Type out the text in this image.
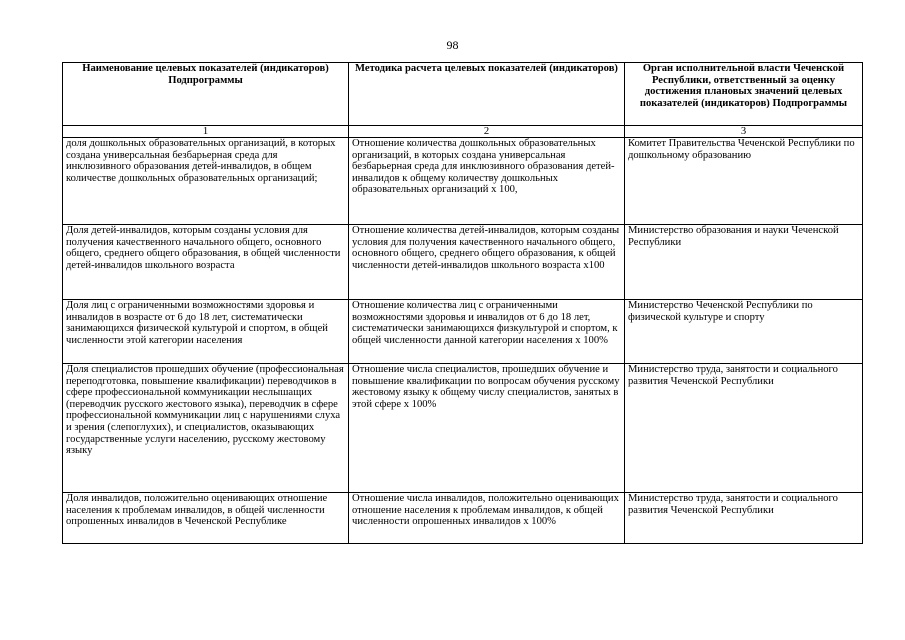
98
Наименование целевых показателей (индикаторов) Подпрограммы	Методика расчета целевых показателей (индикаторов)	Орган исполнительной власти Чеченской Республики, ответственный за оценку достижения плановых значений целевых показателей (индикаторов) Подпрограммы
1	2	3
доля дошкольных образовательных организаций, в которых создана универсальная безбарьерная среда для инклюзивного образования детей-инвалидов, в общем количестве дошкольных образовательных организаций;	Отношение количества дошкольных образовательных организаций, в которых создана универсальная безбарьерная среда для инклюзивного образования детей-инвалидов к общему количеству дошкольных образовательных организаций х 100,	Комитет Правительства Чеченской Республики по дошкольному образованию
Доля детей-инвалидов, которым созданы условия для получения качественного начального общего, основного общего, среднего общего образования, в общей численности детей-инвалидов школьного возраста	Отношение количества детей-инвалидов, которым созданы условия для получения качественного начального общего, основного общего, среднего общего образования, к общей численности детей-инвалидов школьного возраста х100	Министерство образования и науки Чеченской Республики
Доля лиц с ограниченными возможностями здоровья и инвалидов в возрасте от 6 до 18 лет, систематически занимающихся физической культурой и спортом, в общей численности этой категории населения	Отношение количества лиц с ограниченными возможностями здоровья и инвалидов от 6 до 18 лет, систематически занимающихся физкультурой и спортом, к общей численности данной категории населения х 100%	Министерство Чеченской Республики по физической культуре и спорту
Доля специалистов прошедших обучение (профессиональная переподготовка, повышение квалификации) переводчиков в сфере профессиональной коммуникации неслышащих (переводчик русского жестового языка), переводчик в сфере профессиональной коммуникации лиц с нарушениями слуха и зрения (слепоглухих), и специалистов, оказывающих государственные услуги населению, русскому жестовому языку	Отношение числа специалистов, прошедших обучение и повышение квалификации по вопросам обучения русскому жестовому языку к общему числу специалистов, занятых в этой сфере х 100%	Министерство труда, занятости и социального развития Чеченской Республики
Доля инвалидов, положительно оценивающих отношение населения к проблемам инвалидов, в общей численности опрошенных инвалидов в Чеченской Республике	Отношение числа инвалидов, положительно оценивающих отношение населения к проблемам инвалидов, к общей численности опрошенных инвалидов х 100%	Министерство труда, занятости и социального развития Чеченской Республики
